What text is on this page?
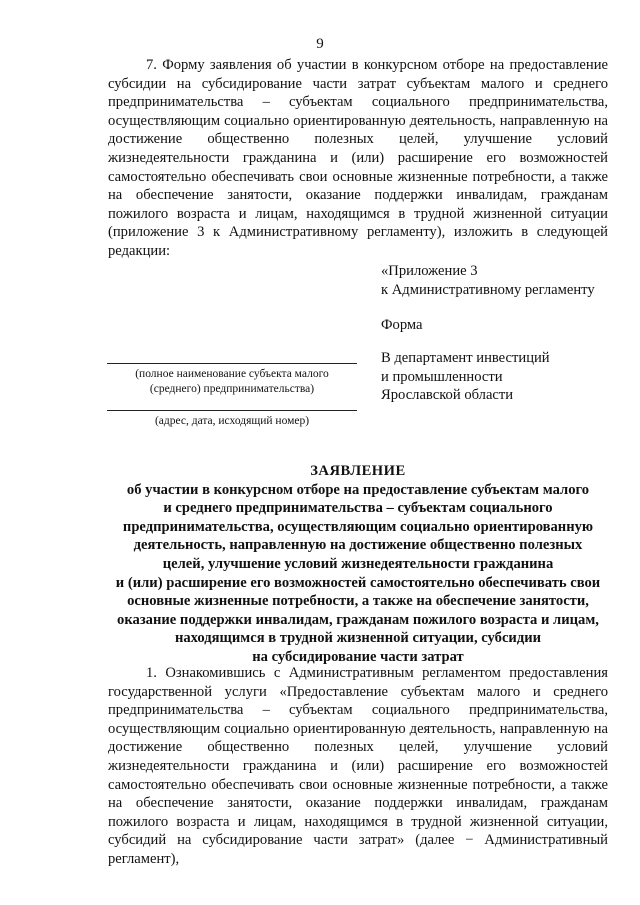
9

7. Форму заявления об участии в конкурсном отборе на предоставление субсидии на субсидирование части затрат субъектам малого и среднего предпринимательства – субъектам социального предпринимательства, осуществляющим социально ориентированную деятельность, направленную на достижение общественно полезных целей, улучшение условий жизнедеятельности гражданина и (или) расширение его возможностей самостоятельно обеспечивать свои основные жизненные потребности, а также на обеспечение занятости, оказание поддержки инвалидам, гражданам пожилого возраста и лицам, находящимся в трудной жизненной ситуации (приложение 3 к Административному регламенту), изложить в следующей редакции:

«Приложение 3
к Административному регламенту
Форма
В департамент инвестиций
и промышленности
Ярославской области
(полное наименование субъекта малого
(среднего) предпринимательства)
(адрес, дата, исходящий номер)
ЗАЯВЛЕНИЕ
об участии в конкурсном отборе на предоставление субъектам малого
и среднего предпринимательства – субъектам социального
предпринимательства, осуществляющим социально ориентированную
деятельность, направленную на достижение общественно полезных
целей, улучшение условий жизнедеятельности гражданина
и (или) расширение его возможностей самостоятельно обеспечивать свои
основные жизненные потребности, а также на обеспечение занятости,
оказание поддержки инвалидам, гражданам пожилого возраста и лицам,
находящимся в трудной жизненной ситуации, субсидии
на субсидирование части затрат

1. Ознакомившись с Административным регламентом предоставления государственной услуги «Предоставление субъектам малого и среднего предпринимательства – субъектам социального предпринимательства, осуществляющим социально ориентированную деятельность, направленную на достижение общественно полезных целей, улучшение условий жизнедеятельности гражданина и (или) расширение его возможностей самостоятельно обеспечивать свои основные жизненные потребности, а также на обеспечение занятости, оказание поддержки инвалидам, гражданам пожилого возраста и лицам, находящимся в трудной жизненной ситуации, субсидий на субсидирование части затрат» (далее − Административный регламент),
